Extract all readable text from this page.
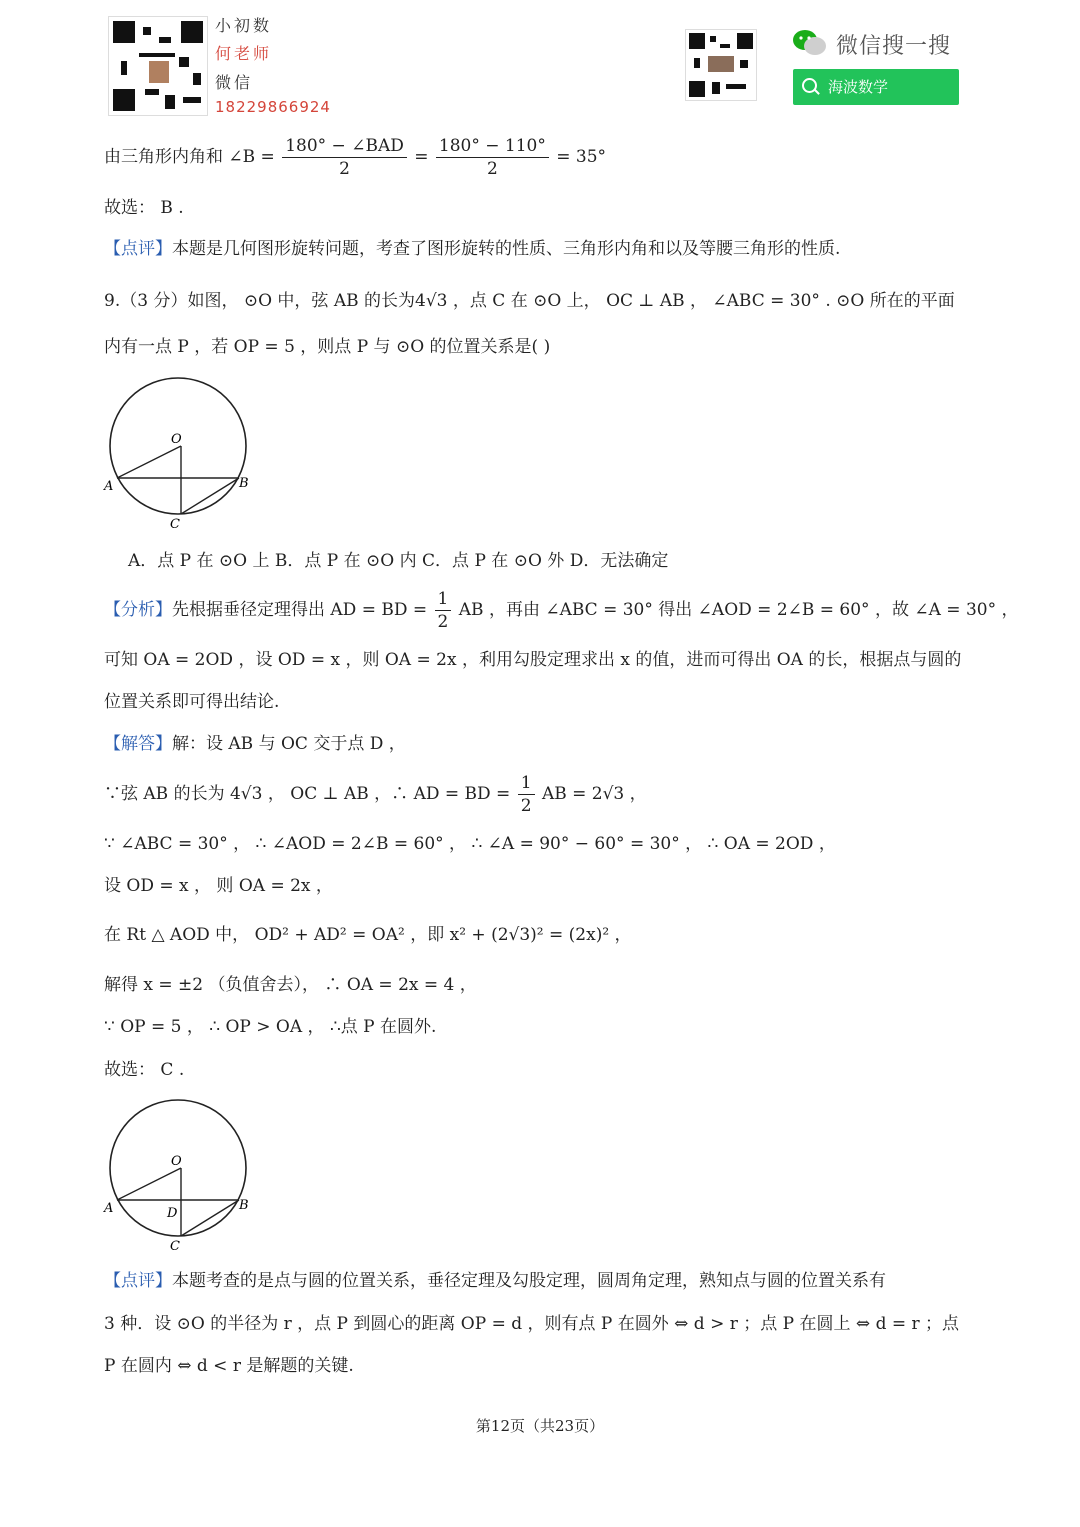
小初数
何老师
微信
18229866924
微信搜一搜
海波数学
由三角形内角和 ∠B = $\frac{\text{180° − ∠BAD}}{2} = \frac{180^\circ - 110^\circ}{2} = 35^\circ$
故选： B .
【点评】本题是几何图形旋转问题，考查了图形旋转的性质、三角形内角和以及等腰三角形的性质.
9.（3 分）如图， ⊙O 中，弦 AB 的长为4√3 ，点 C 在 ⊙O 上， OC ⊥ AB ， ∠ABC = 30° . ⊙O 所在的平面
内有一点 P ，若 OP = 5 ，则点 P 与 ⊙O 的位置关系是( )
O
A	B
C
A．点 P 在 ⊙O 上 B．点 P 在 ⊙O 内 C．点 P 在 ⊙O 外 D．无法确定
【分析】先根据垂径定理得出 AD = BD = $\frac{1}{2}$ AB ，再由 ∠ABC = 30° 得出 ∠AOD = 2∠B = 60° ，故 ∠A = 30° ，
可知 OA = 2OD ，设 OD = x ，则 OA = 2x ，利用勾股定理求出 x 的值，进而可得出 OA 的长，根据点与圆的
位置关系即可得出结论.
【解答】解：设 AB 与 OC 交于点 D ，
∵弦 AB 的长为 4√3 ， OC ⊥ AB ，∴ AD = BD = $\frac{1}{2}$ AB = 2√3 ，
∵ ∠ABC = 30° ， ∴ ∠AOD = 2∠B = 60° ， ∴ ∠A = 90° − 60° = 30° ， ∴ OA = 2OD ，
设 OD = x ， 则 OA = 2x ，
在 Rt △ AOD 中， OD² + AD² = OA² ，即 x² + (2√3)² = (2x)² ，
解得 x = ±2 （负值舍去）， ∴ OA = 2x = 4 ，
∵ OP = 5 ， ∴ OP > OA ， ∴点 P 在圆外.
故选： C .
O
A	B
C
D
【点评】本题考查的是点与圆的位置关系，垂径定理及勾股定理，圆周角定理，熟知点与圆的位置关系有
3 种．设 ⊙O 的半径为 r ，点 P 到圆心的距离 OP = d ，则有点 P 在圆外 ⇔ d > r ；点 P 在圆上 ⇔ d = r ；点
P 在圆内 ⇔ d < r 是解题的关键.
第12页（共23页）
